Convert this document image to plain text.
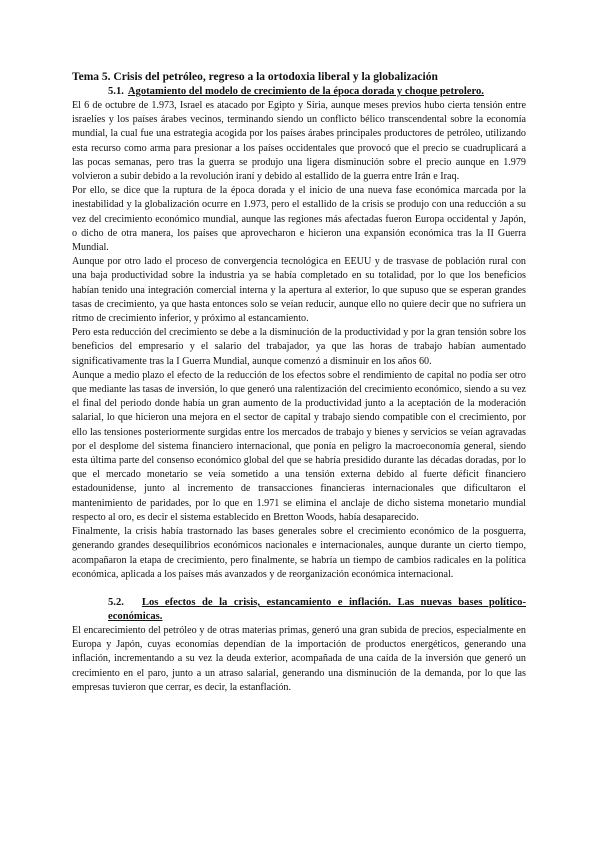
Tema 5. Crisis del petróleo, regreso a la ortodoxia liberal y la globalización
5.1. Agotamiento del modelo de crecimiento de la época dorada y choque petrolero.

El 6 de octubre de 1.973, Israel es atacado por Egipto y Siria, aunque meses previos hubo cierta tensión entre israelíes y los países árabes vecinos, terminando siendo un conflicto bélico transcendental sobre la economía mundial, la cual fue una estrategia acogida por los países árabes principales productores de petróleo, utilizando esta recurso como arma para presionar a los países occidentales que provocó que el precio se cuadruplicará a las pocas semanas, pero tras la guerra se produjo una ligera disminución sobre el precio aunque en 1.979 volvieron a subir debido a la revolución iraní y debido al estallido de la guerra entre Irán e Iraq.

Por ello, se dice que la ruptura de la época dorada y el inicio de una nueva fase económica marcada por la inestabilidad y la globalización ocurre en 1.973, pero el estallido de la crisis se produjo con una reducción a su vez del crecimiento económico mundial, aunque las regiones más afectadas fueron Europa occidental y Japón, o dicho de otra manera, los países que aprovecharon e hicieron una expansión económica tras la II Guerra Mundial.

Aunque por otro lado el proceso de convergencia tecnológica en EEUU y de trasvase de población rural con una baja productividad sobre la industria ya se había completado en su totalidad, por lo que los beneficios habían tenido una integración comercial interna y la apertura al exterior, lo que supuso que se esperan grandes tasas de crecimiento, ya que hasta entonces solo se veían reducir, aunque ello no quiere decir que no sufriera un ritmo de crecimiento inferior, y próximo al estancamiento.

Pero esta reducción del crecimiento se debe a la disminución de la productividad y por la gran tensión sobre los beneficios del empresario y el salario del trabajador, ya que las horas de trabajo habían aumentado significativamente tras la I Guerra Mundial, aunque comenzó a disminuir en los años 60.

Aunque a medio plazo el efecto de la reducción de los efectos sobre el rendimiento de capital no podía ser otro que mediante las tasas de inversión, lo que generó una ralentización del crecimiento económico, siendo a su vez el final del periodo donde había un gran aumento de la productividad junto a la aceptación de la moderación salarial, lo que hicieron una mejora en el sector de capital y trabajo siendo compatible con el crecimiento, por ello las tensiones posteriormente surgidas entre los mercados de trabajo y bienes y servicios se veían agravadas por el desplome del sistema financiero internacional, que ponía en peligro la macroeconomía general, siendo esta última parte del consenso económico global del que se habría presidido durante las décadas doradas, por lo que el mercado monetario se veía sometido a una tensión externa debido al fuerte déficit financiero estadounidense, junto al incremento de transacciones financieras internacionales que dificultaron el mantenimiento de paridades, por lo que en 1.971 se elimina el anclaje de dicho sistema monetario mundial respecto al oro, es decir el sistema establecido en Bretton Woods, había desaparecido.

Finalmente, la crisis había trastornado las bases generales sobre el crecimiento económico de la posguerra, generando grandes desequilibrios económicos nacionales e internacionales, aunque durante un cierto tiempo, acompañaron la etapa de crecimiento, pero finalmente, se habría un tiempo de cambios radicales en la política económica, aplicada a los países más avanzados y de reorganización económica internacional.

5.2. Los efectos de la crisis, estancamiento e inflación. Las nuevas bases político-económicas.

El encarecimiento del petróleo y de otras materias primas, generó una gran subida de precios, especialmente en Europa y Japón, cuyas economías dependían de la importación de productos energéticos, generando una inflación, incrementando a su vez la deuda exterior, acompañada de una caída de la inversión que generó un crecimiento en el paro, junto a un atraso salarial, generando una disminución de la demanda, por lo que las empresas tuvieron que cerrar, es decir, la estanflación.
